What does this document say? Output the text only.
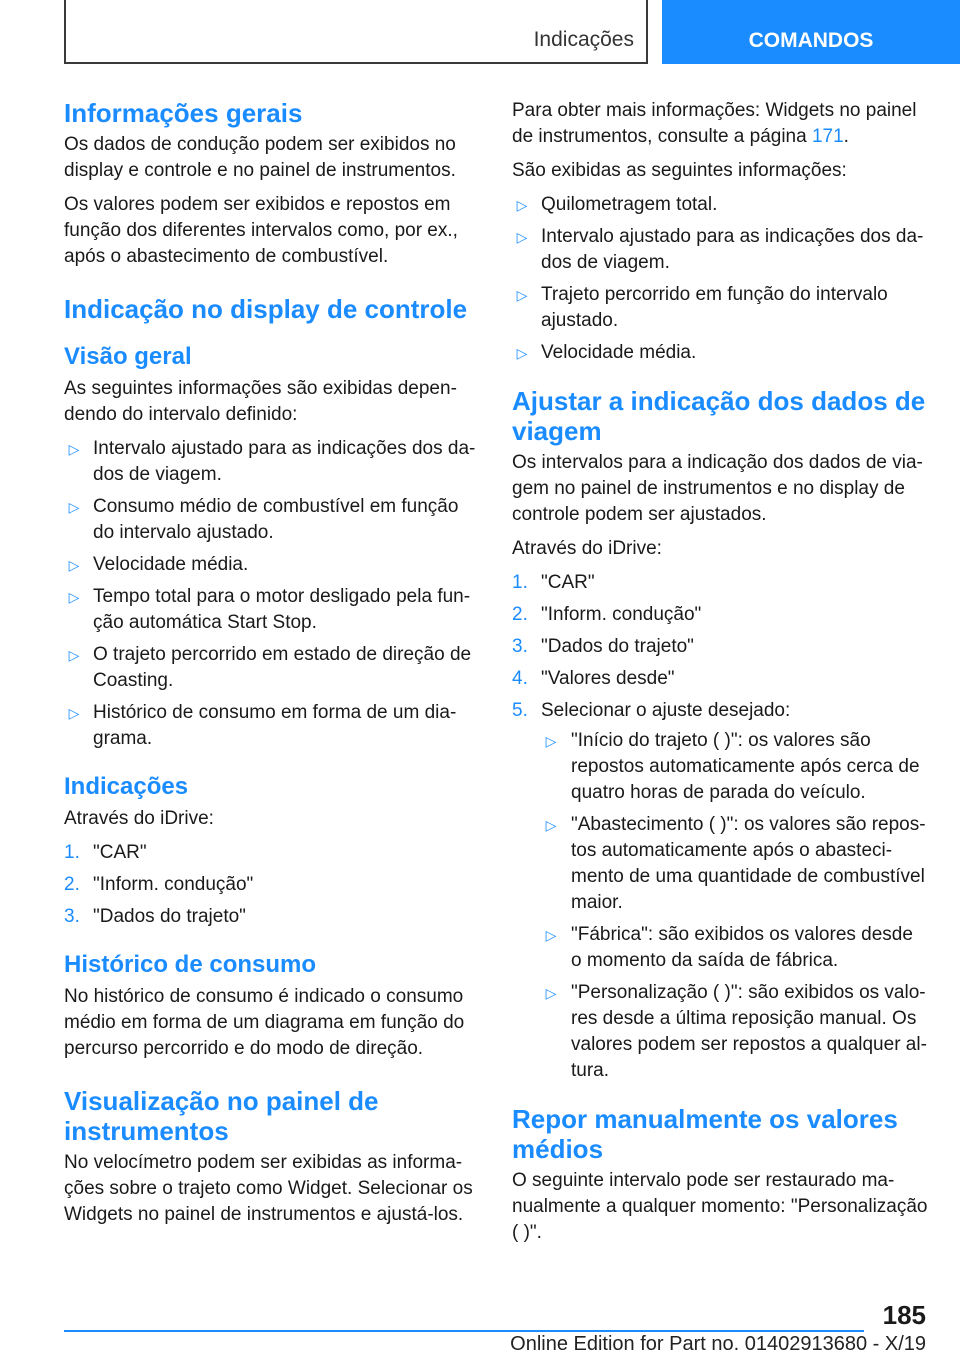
Indicações	COMANDOS
Informações gerais

Os dados de condução podem ser exibidos no display e controle e no painel de instrumentos.

Os valores podem ser exibidos e repostos em função dos diferentes intervalos como, por ex., após o abastecimento de combustível.

Indicação no display de controle
Visão geral

As seguintes informações são exibidas dependendo do intervalo definido:

▷ Intervalo ajustado para as indicações dos dados de viagem.
▷ Consumo médio de combustível em função do intervalo ajustado.
▷ Velocidade média.
▷ Tempo total para o motor desligado pela função automática Start Stop.
▷ O trajeto percorrido em estado de direção de Coasting.
▷ Histórico de consumo em forma de um diagrama.
Indicações

Através do iDrive:

1. "CAR"
2. "Inform. condução"
3. "Dados do trajeto"
Histórico de consumo

No histórico de consumo é indicado o consumo médio em forma de um diagrama em função do percurso percorrido e do modo de direção.

Visualização no painel de instrumentos

No velocímetro podem ser exibidas as informações sobre o trajeto como Widget. Selecionar os Widgets no painel de instrumentos e ajustá-los.

Para obter mais informações: Widgets no painel de instrumentos, consulte a página 171.

São exibidas as seguintes informações:

▷ Quilometragem total.
▷ Intervalo ajustado para as indicações dos dados de viagem.
▷ Trajeto percorrido em função do intervalo ajustado.
▷ Velocidade média.
Ajustar a indicação dos dados de viagem

Os intervalos para a indicação dos dados de viagem no painel de instrumentos e no display de controle podem ser ajustados.

Através do iDrive:

1. "CAR"
2. "Inform. condução"
3. "Dados do trajeto"
4. "Valores desde"
5. Selecionar o ajuste desejado:
▷ "Início do trajeto ( )": os valores são repostos automaticamente após cerca de quatro horas de parada do veículo.
▷ "Abastecimento ( )": os valores são repostos automaticamente após o abastecimento de uma quantidade de combustível maior.
▷ "Fábrica": são exibidos os valores desde o momento da saída de fábrica.
▷ "Personalização ( )": são exibidos os valores desde a última reposição manual. Os valores podem ser repostos a qualquer altura.
Repor manualmente os valores médios

O seguinte intervalo pode ser restaurado manualmente a qualquer momento: "Personalização ( )".

185
Online Edition for Part no. 01402913680 - X/19
